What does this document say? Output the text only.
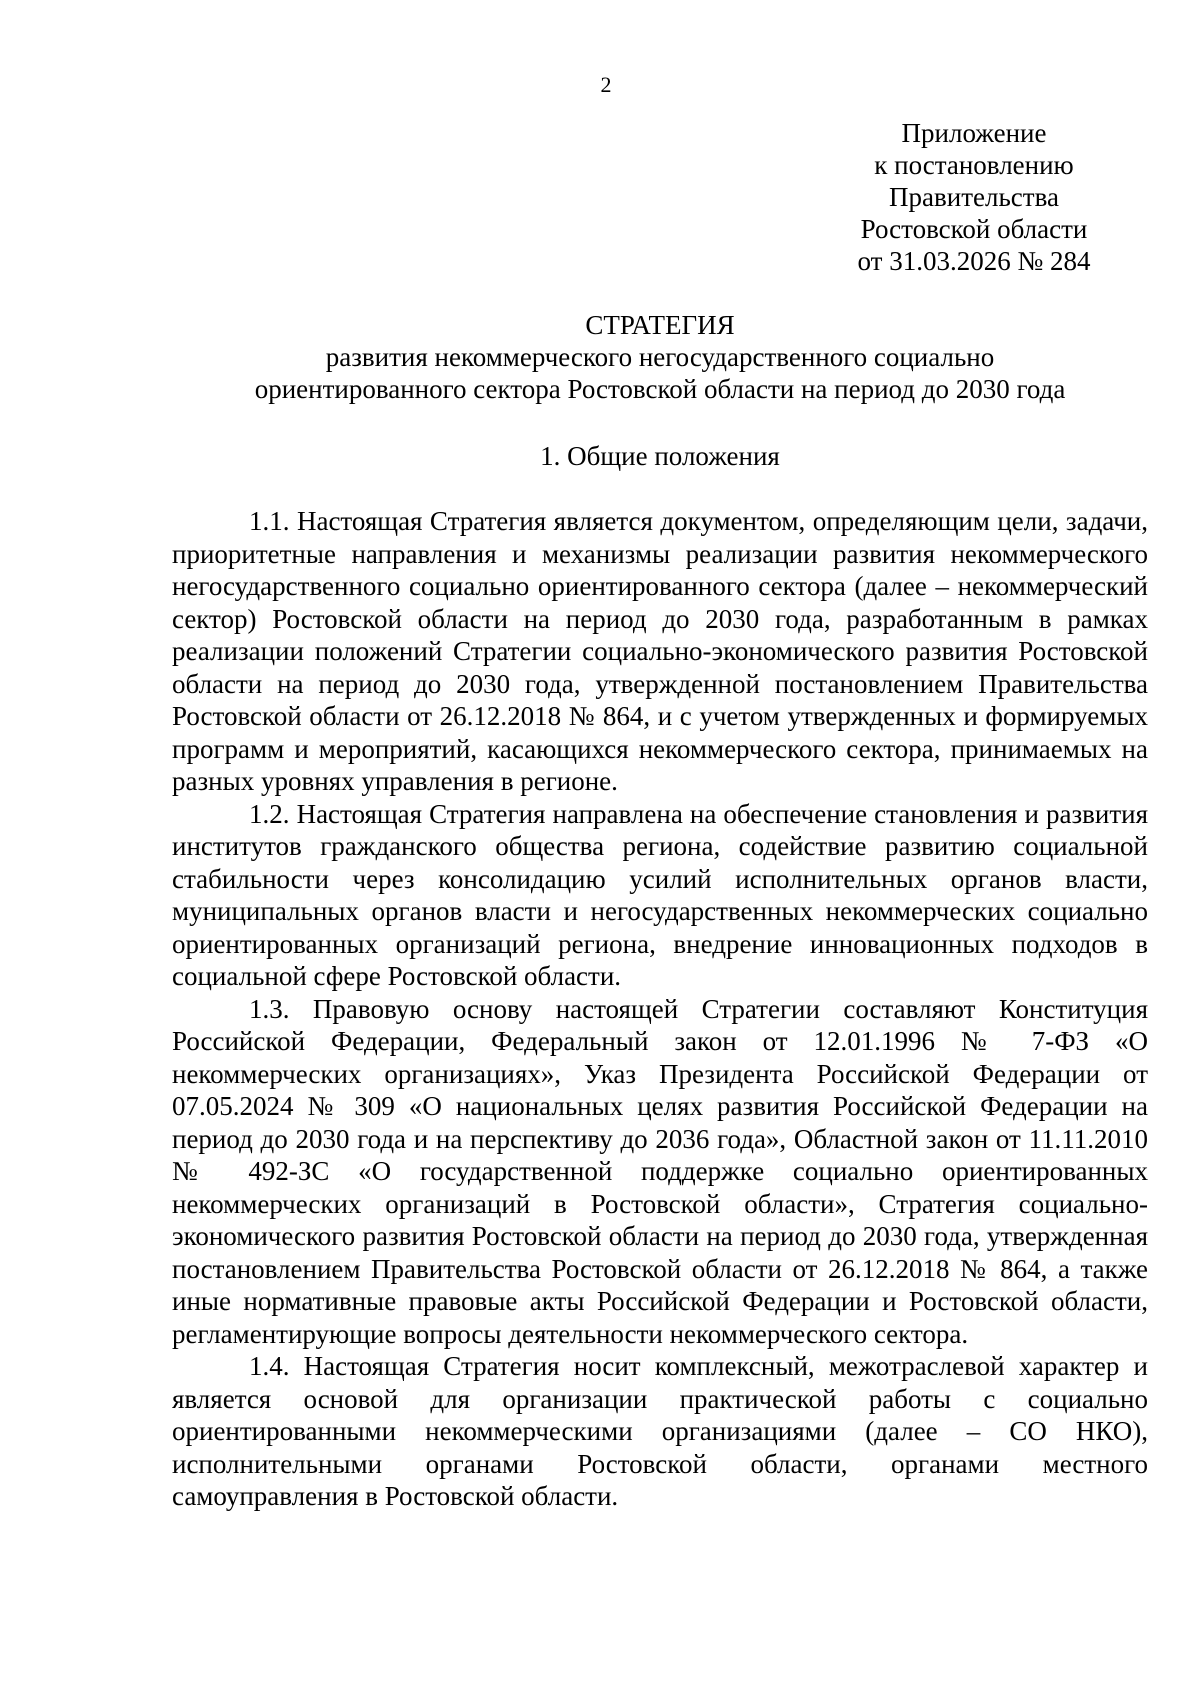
2
Приложение
к постановлению
Правительства
Ростовской области
от 31.03.2026 № 284
СТРАТЕГИЯ
развития некоммерческого негосударственного социально
ориентированного сектора Ростовской области на период до 2030 года
1. Общие положения

1.1. Настоящая Стратегия является документом, определяющим цели, задачи, приоритетные направления и механизмы реализации развития некоммерческого негосударственного социально ориентированного сектора (далее – некоммерческий сектор) Ростовской области на период до 2030 года, разработанным в рамках реализации положений Стратегии социально-экономического развития Ростовской области на период до 2030 года, утвержденной постановлением Правительства Ростовской области от 26.12.2018 № 864, и с учетом утвержденных и формируемых программ и мероприятий, касающихся некоммерческого сектора, принимаемых на разных уровнях управления в регионе.

1.2. Настоящая Стратегия направлена на обеспечение становления и развития институтов гражданского общества региона, содействие развитию социальной стабильности через консолидацию усилий исполнительных органов власти, муниципальных органов власти и негосударственных некоммерческих социально ориентированных организаций региона, внедрение инновационных подходов в социальной сфере Ростовской области.

1.3. Правовую основу настоящей Стратегии составляют Конституция Российской Федерации, Федеральный закон от 12.01.1996 № 7-ФЗ «О некоммерческих организациях», Указ Президента Российской Федерации от 07.05.2024 № 309 «О национальных целях развития Российской Федерации на период до 2030 года и на перспективу до 2036 года», Областной закон от 11.11.2010 № 492-ЗС «О государственной поддержке социально ориентированных некоммерческих организаций в Ростовской области», Стратегия социально-экономического развития Ростовской области на период до 2030 года, утвержденная постановлением Правительства Ростовской области от 26.12.2018 № 864, а также иные нормативные правовые акты Российской Федерации и Ростовской области, регламентирующие вопросы деятельности некоммерческого сектора.

1.4. Настоящая Стратегия носит комплексный, межотраслевой характер и является основой для организации практической работы с социально ориентированными некоммерческими организациями (далее – СО НКО), исполнительными органами Ростовской области, органами местного самоуправления в Ростовской области.
